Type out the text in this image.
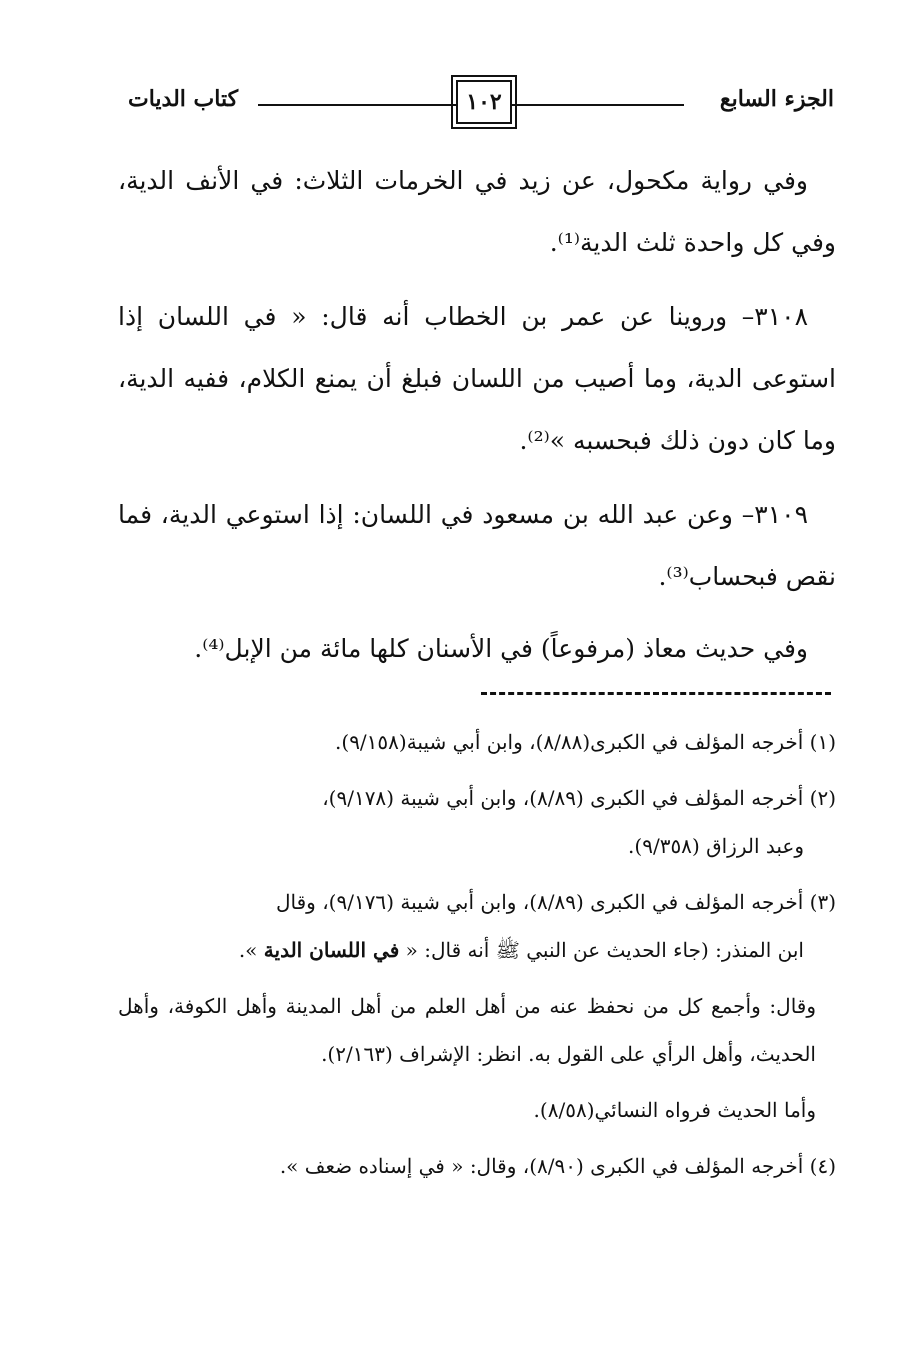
كتاب الديات	١٠٢	الجزء السابع

وفي رواية مكحول، عن زيد في الخرمات الثلاث: في الأنف الدية، وفي كل واحدة ثلث الدية⁽¹⁾.

٣١٠٨– وروينا عن عمر بن الخطاب أنه قال: « في اللسان إذا استوعى الدية، وما أصيب من اللسان فبلغ أن يمنع الكلام، ففيه الدية، وما كان دون ذلك فبحسبه »⁽²⁾.

٣١٠٩– وعن عبد الله بن مسعود في اللسان: إذا استوعي الدية، فما نقص فبحساب⁽³⁾.

وفي حديث معاذ (مرفوعاً) في الأسنان كلها مائة من الإبل⁽⁴⁾.

(١) أخرجه المؤلف في الكبرى(٨/٨٨)، وابن أبي شيبة(٩/١٥٨).
(٢) أخرجه المؤلف في الكبرى (٨/٨٩)، وابن أبي شيبة (٩/١٧٨)،
وعبد الرزاق (٩/٣٥٨).
(٣) أخرجه المؤلف في الكبرى (٨/٨٩)، وابن أبي شيبة (٩/١٧٦)، وقال
ابن المنذر: (جاء الحديث عن النبي ﷺ أنه قال: « في اللسان الدية ».
وقال: وأجمع كل من نحفظ عنه من أهل العلم من أهل المدينة وأهل الكوفة، وأهل الحديث، وأهل الرأي على القول به. انظر: الإشراف (٢/١٦٣).
وأما الحديث فرواه النسائي(٨/٥٨).
(٤) أخرجه المؤلف في الكبرى (٨/٩٠)، وقال: « في إسناده ضعف ».
